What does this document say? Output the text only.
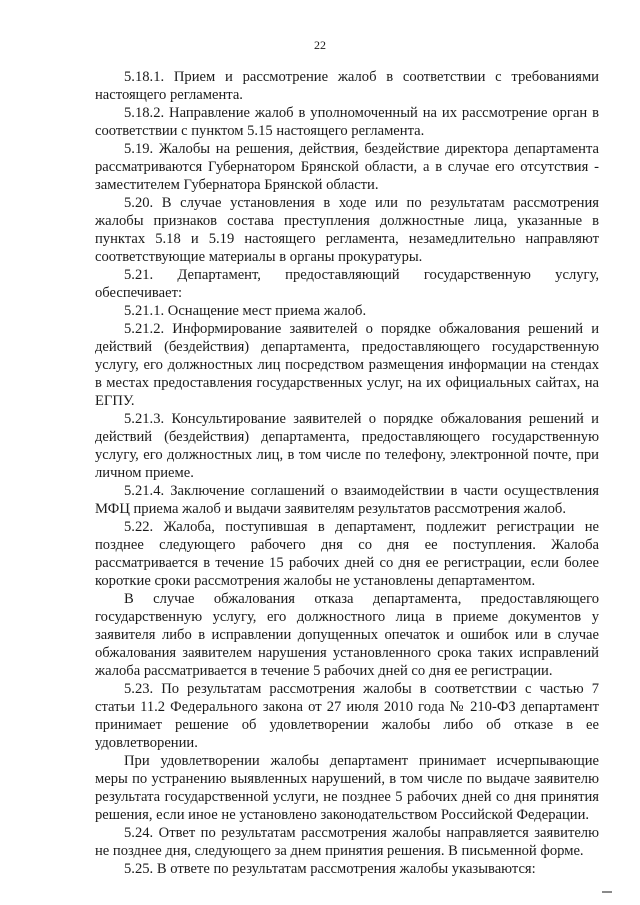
22

5.18.1. Прием и рассмотрение жалоб в соответствии с требованиями настоящего регламента.

5.18.2. Направление жалоб в уполномоченный на их рассмотрение орган в соответствии с пунктом 5.15 настоящего регламента.

5.19. Жалобы на решения, действия, бездействие директора департамента рассматриваются Губернатором Брянской области, а в случае его отсутствия - заместителем Губернатора Брянской области.

5.20. В случае установления в ходе или по результатам рассмотрения жалобы признаков состава преступления должностные лица, указанные в пунктах 5.18 и 5.19 настоящего регламента, незамедлительно направляют соответствующие материалы в органы прокуратуры.

5.21. Департамент, предоставляющий государственную услугу, обеспечивает:

5.21.1. Оснащение мест приема жалоб.

5.21.2. Информирование заявителей о порядке обжалования решений и действий (бездействия) департамента, предоставляющего государственную услугу, его должностных лиц посредством размещения информации на стендах в местах предоставления государственных услуг, на их официальных сайтах, на ЕГПУ.

5.21.3. Консультирование заявителей о порядке обжалования решений и действий (бездействия) департамента, предоставляющего государственную услугу, его должностных лиц, в том числе по телефону, электронной почте, при личном приеме.

5.21.4. Заключение соглашений о взаимодействии в части осуществления МФЦ приема жалоб и выдачи заявителям результатов рассмотрения жалоб.

5.22. Жалоба, поступившая в департамент, подлежит регистрации не позднее следующего рабочего дня со дня ее поступления. Жалоба рассматривается в течение 15 рабочих дней со дня ее регистрации, если более короткие сроки рассмотрения жалобы не установлены департаментом.

В случае обжалования отказа департамента, предоставляющего государственную услугу, его должностного лица в приеме документов у заявителя либо в исправлении допущенных опечаток и ошибок или в случае обжалования заявителем нарушения установленного срока таких исправлений жалоба рассматривается в течение 5 рабочих дней со дня ее регистрации.

5.23. По результатам рассмотрения жалобы в соответствии с частью 7 статьи 11.2 Федерального закона от 27 июля 2010 года № 210-ФЗ департамент принимает решение об удовлетворении жалобы либо об отказе в ее удовлетворении.

При удовлетворении жалобы департамент принимает исчерпывающие меры по устранению выявленных нарушений, в том числе по выдаче заявителю результата государственной услуги, не позднее 5 рабочих дней со дня принятия решения, если иное не установлено законодательством Российской Федерации.

5.24. Ответ по результатам рассмотрения жалобы направляется заявителю не позднее дня, следующего за днем принятия решения. В письменной форме.

5.25. В ответе по результатам рассмотрения жалобы указываются:
